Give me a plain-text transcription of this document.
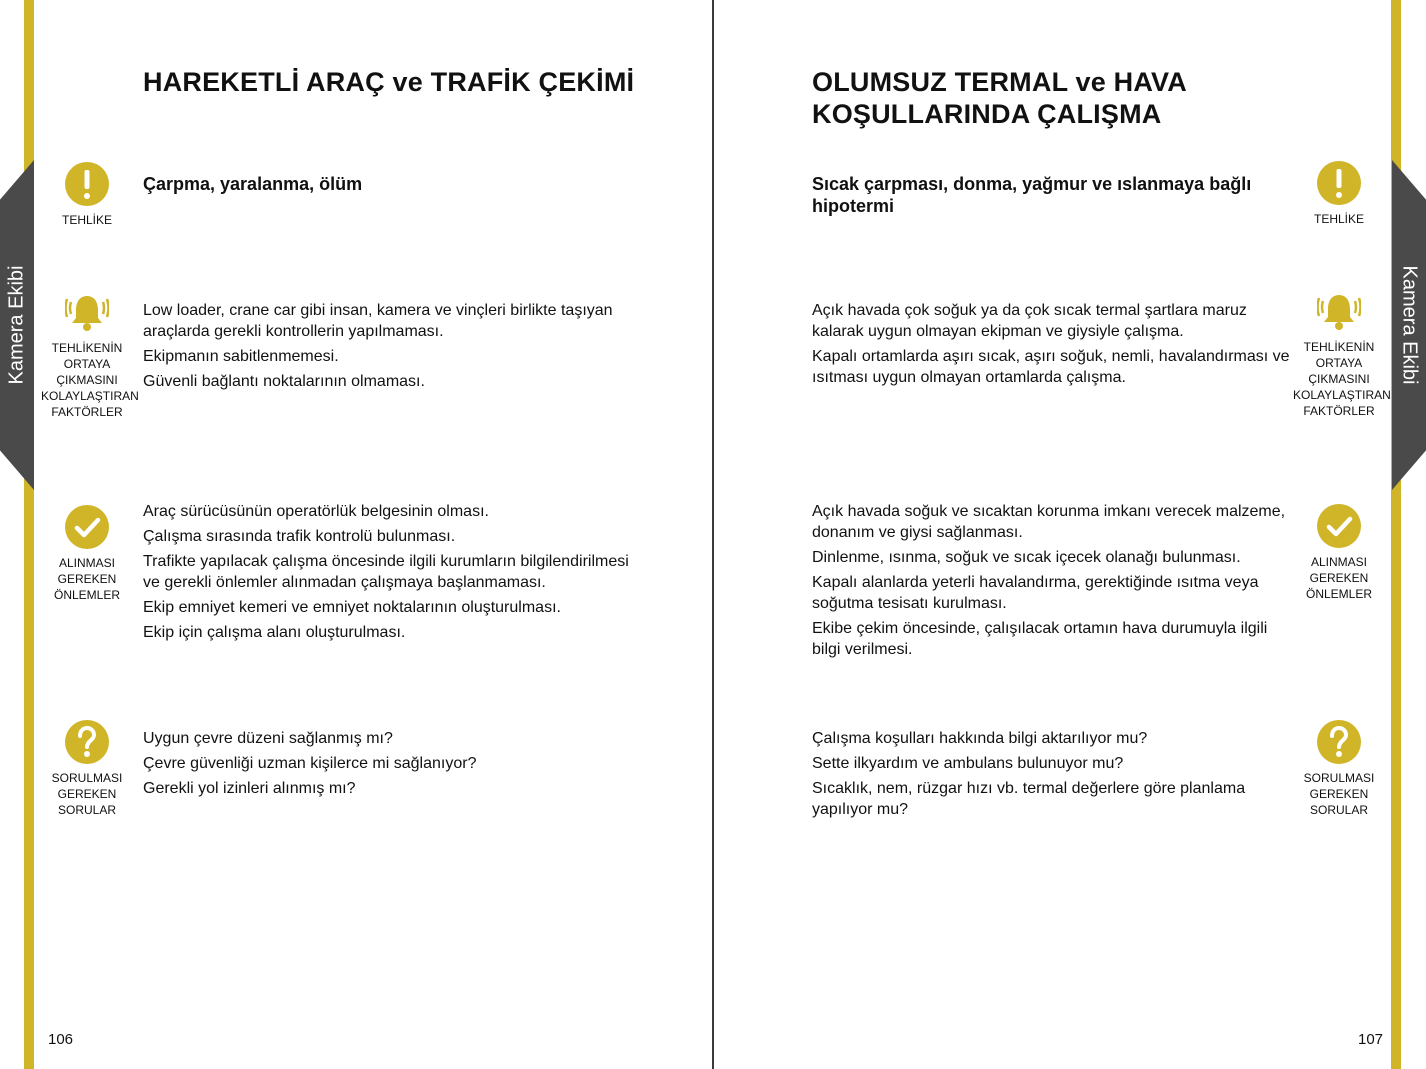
Kamera Ekibi	Kamera Ekibi
HAREKETLİ ARAÇ ve TRAFİK ÇEKİMİ
TEHLİKE
Çarpma, yaralanma, ölüm
TEHLİKENİN ORTAYA ÇIKMASINI KOLAYLAŞTIRAN FAKTÖRLER

Low loader, crane car gibi insan, kamera ve vinçleri birlikte taşıyan araçlarda gerekli kontrollerin yapılmaması.

Ekipmanın sabitlenmemesi.

Güvenli bağlantı noktalarının olmaması.

ALINMASI GEREKEN ÖNLEMLER

Araç sürücüsünün operatörlük belgesinin olması.

Çalışma sırasında trafik kontrolü bulunması.

Trafikte yapılacak çalışma öncesinde ilgili kurumların bilgilendirilmesi ve gerekli önlemler alınmadan çalışmaya başlanmaması.

Ekip emniyet kemeri ve emniyet noktalarının oluşturulması.

Ekip için çalışma alanı oluşturulması.

SORULMASI GEREKEN SORULAR

Uygun çevre düzeni sağlanmış mı?

Çevre güvenliği uzman kişilerce mi sağlanıyor?

Gerekli yol izinleri alınmış mı?

106
OLUMSUZ TERMAL ve HAVA KOŞULLARINDA ÇALIŞMA
TEHLİKE
Sıcak çarpması, donma, yağmur ve ıslanmaya bağlı hipotermi
TEHLİKENİN ORTAYA ÇIKMASINI KOLAYLAŞTIRAN FAKTÖRLER

Açık havada çok soğuk ya da çok sıcak termal şartlara maruz kalarak uygun olmayan ekipman ve giysiyle çalışma.

Kapalı ortamlarda aşırı sıcak, aşırı soğuk, nemli, havalandırması ve ısıtması uygun olmayan ortamlarda çalışma.

ALINMASI GEREKEN ÖNLEMLER

Açık havada soğuk ve sıcaktan korunma imkanı verecek malzeme, donanım ve giysi sağlanması.

Dinlenme, ısınma, soğuk ve sıcak içecek olanağı bulunması.

Kapalı alanlarda yeterli havalandırma, gerektiğinde ısıtma veya soğutma tesisatı kurulması.

Ekibe çekim öncesinde, çalışılacak ortamın hava durumuyla ilgili bilgi verilmesi.

SORULMASI GEREKEN SORULAR

Çalışma koşulları hakkında bilgi aktarılıyor mu?

Sette ilkyardım ve ambulans bulunuyor mu?

Sıcaklık, nem, rüzgar hızı vb. termal değerlere göre planlama yapılıyor mu?

107
